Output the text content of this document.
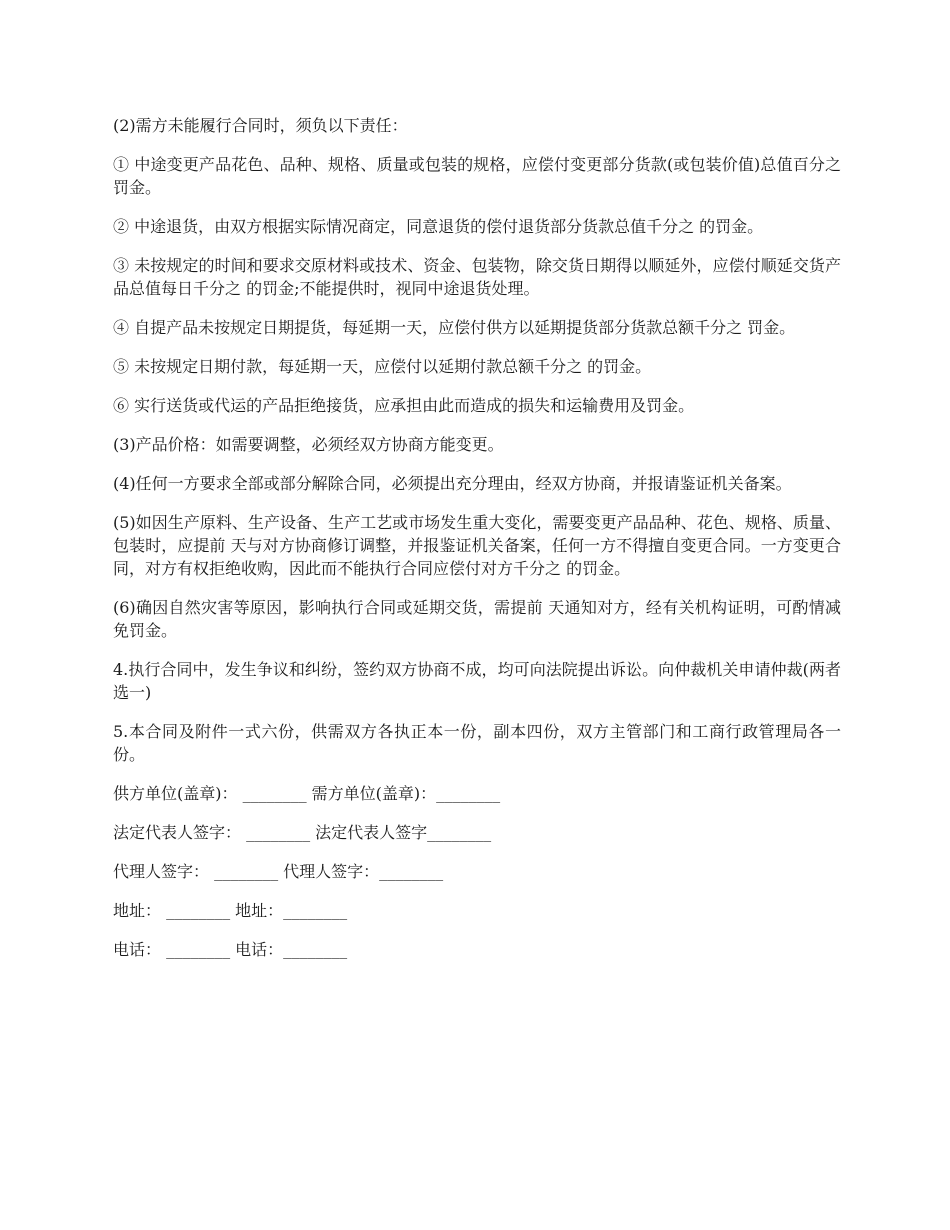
(2)需方未能履行合同时，须负以下责任：

① 中途变更产品花色、品种、规格、质量或包装的规格，应偿付变更部分货款(或包装价值)总值百分之 罚金。

② 中途退货，由双方根据实际情况商定，同意退货的偿付退货部分货款总值千分之 的罚金。

③ 未按规定的时间和要求交原材料或技术、资金、包装物，除交货日期得以顺延外，应偿付顺延交货产品总值每日千分之 的罚金;不能提供时，视同中途退货处理。

④ 自提产品未按规定日期提货，每延期一天，应偿付供方以延期提货部分货款总额千分之 罚金。

⑤ 未按规定日期付款，每延期一天，应偿付以延期付款总额千分之 的罚金。

⑥ 实行送货或代运的产品拒绝接货，应承担由此而造成的损失和运输费用及罚金。

(3)产品价格：如需要调整，必须经双方协商方能变更。

(4)任何一方要求全部或部分解除合同，必须提出充分理由，经双方协商，并报请鉴证机关备案。

(5)如因生产原料、生产设备、生产工艺或市场发生重大变化，需要变更产品品种、花色、规格、质量、包装时，应提前 天与对方协商修订调整，并报鉴证机关备案，任何一方不得擅自变更合同。一方变更合同，对方有权拒绝收购，因此而不能执行合同应偿付对方千分之 的罚金。

(6)确因自然灾害等原因，影响执行合同或延期交货，需提前 天通知对方，经有关机构证明，可酌情减免罚金。

4.执行合同中，发生争议和纠纷，签约双方协商不成，均可向法院提出诉讼。向仲裁机关申请仲裁(两者选一)

5.本合同及附件一式六份，供需双方各执正本一份，副本四份，双方主管部门和工商行政管理局各一份。

供方单位(盖章)： ________ 需方单位(盖章)：________

法定代表人签字： ________ 法定代表人签字________

代理人签字： ________ 代理人签字：________

地址： ________ 地址：________

电话： ________ 电话：________
